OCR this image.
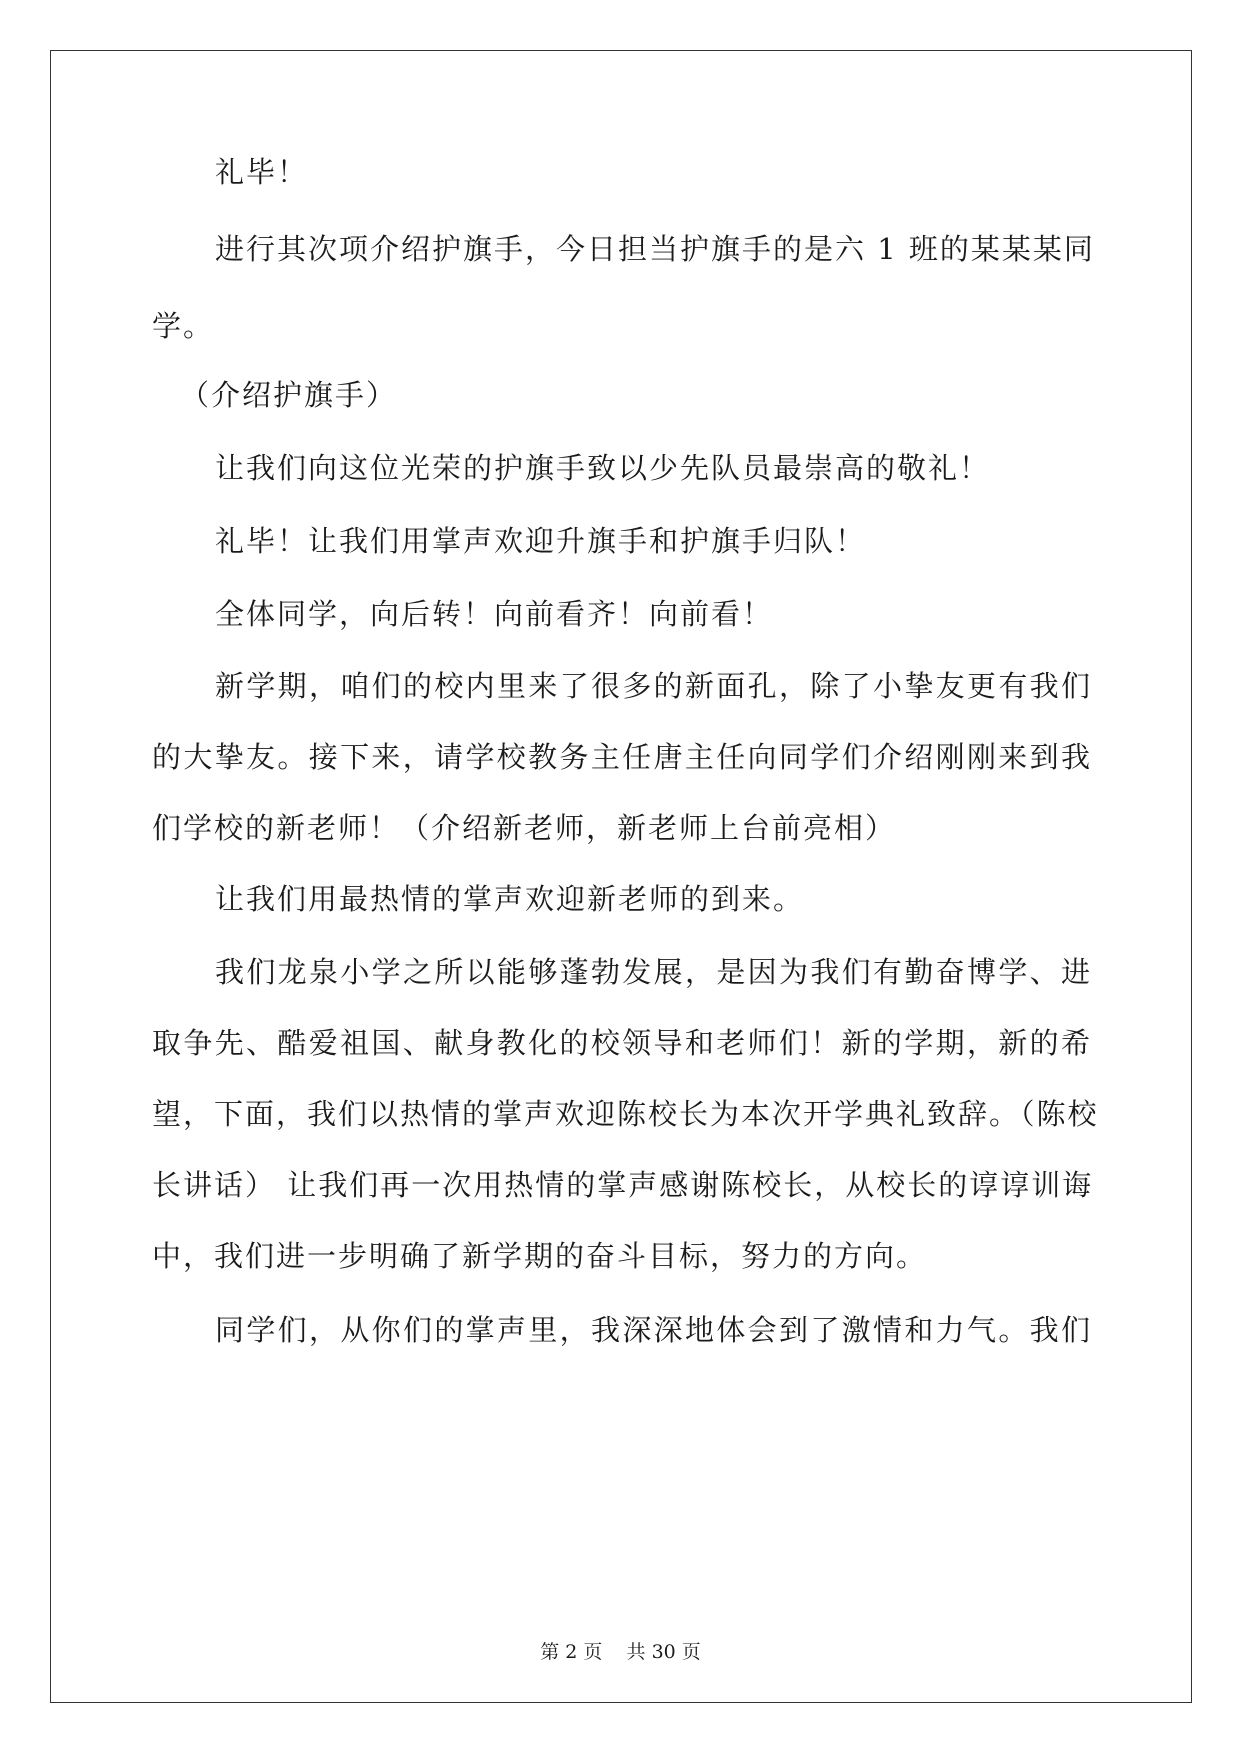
礼毕！
进行其次项介绍护旗手，今日担当护旗手的是六 1 班的某某某同
学。
（介绍护旗手）
让我们向这位光荣的护旗手致以少先队员最崇高的敬礼！
礼毕！让我们用掌声欢迎升旗手和护旗手归队！
全体同学，向后转！向前看齐！向前看！
新学期，咱们的校内里来了很多的新面孔，除了小挚友更有我们
的大挚友。接下来，请学校教务主任唐主任向同学们介绍刚刚来到我
们学校的新老师！（介绍新老师，新老师上台前亮相）
让我们用最热情的掌声欢迎新老师的到来。
我们龙泉小学之所以能够蓬勃发展，是因为我们有勤奋博学、进
取争先、酷爱祖国、献身教化的校领导和老师们！新的学期，新的希
望，下面，我们以热情的掌声欢迎陈校长为本次开学典礼致辞。（陈校
长讲话） 让我们再一次用热情的掌声感谢陈校长，从校长的谆谆训诲
中，我们进一步明确了新学期的奋斗目标，努力的方向。
同学们，从你们的掌声里，我深深地体会到了激情和力气。我们
第 2 页 共 30 页
